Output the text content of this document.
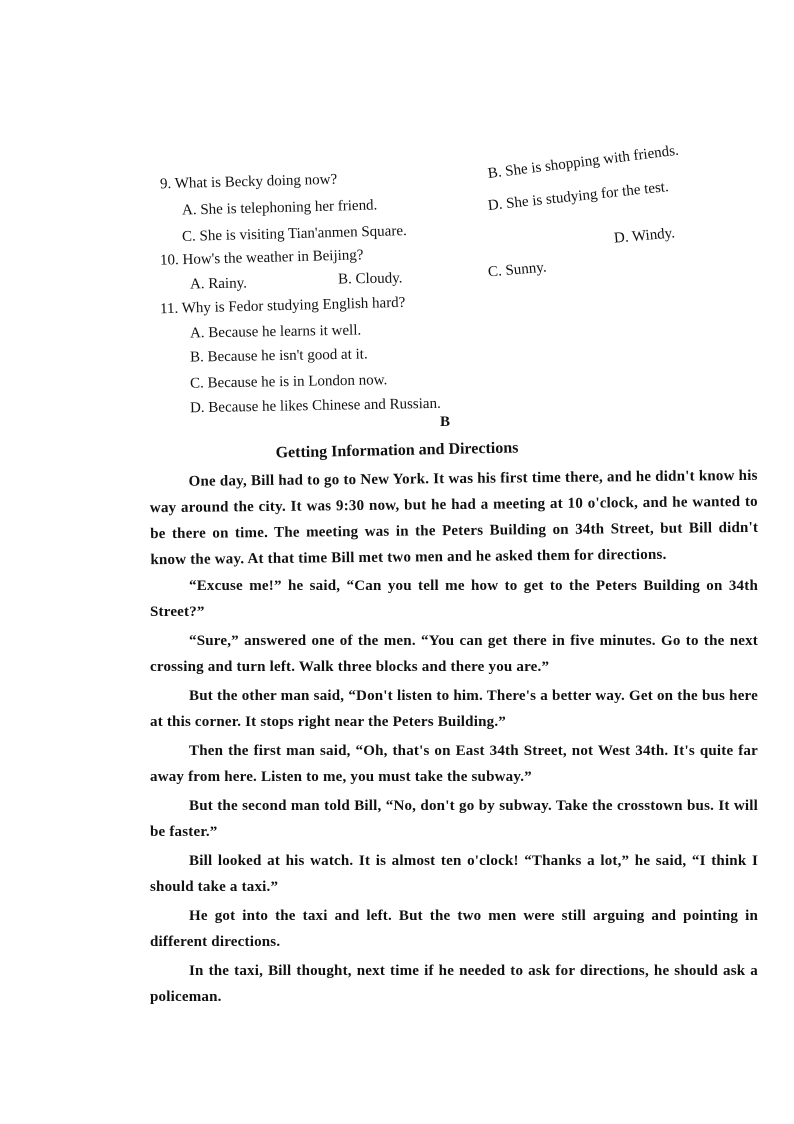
9. What is Becky doing now?
A. She is telephoning her friend.
B. She is shopping with friends.
C. She is visiting Tian'anmen Square.
D. She is studying for the test.
10. How's the weather in Beijing?
A. Rainy.	B. Cloudy.	C. Sunny.
D. Windy.
11. Why is Fedor studying English hard?
A. Because he learns it well.
B. Because he isn't good at it.
C. Because he is in London now.
D. Because he likes Chinese and Russian.
B
Getting Information and Directions

One day, Bill had to go to New York. It was his first time there, and he didn't know his way around the city. It was 9:30 now, but he had a meeting at 10 o'clock, and he wanted to be there on time. The meeting was in the Peters Building on 34th Street, but Bill didn't know the way. At that time Bill met two men and he asked them for directions.

“Excuse me!” he said, “Can you tell me how to get to the Peters Building on 34th Street?”

“Sure,” answered one of the men. “You can get there in five minutes. Go to the next crossing and turn left. Walk three blocks and there you are.”

But the other man said, “Don't listen to him. There's a better way. Get on the bus here at this corner. It stops right near the Peters Building.”

Then the first man said, “Oh, that's on East 34th Street, not West 34th. It's quite far away from here. Listen to me, you must take the subway.”

But the second man told Bill, “No, don't go by subway. Take the crosstown bus. It will be faster.”

Bill looked at his watch. It is almost ten o'clock! “Thanks a lot,” he said, “I think I should take a taxi.”

He got into the taxi and left. But the two men were still arguing and pointing in different directions.

In the taxi, Bill thought, next time if he needed to ask for directions, he should ask a policeman.
